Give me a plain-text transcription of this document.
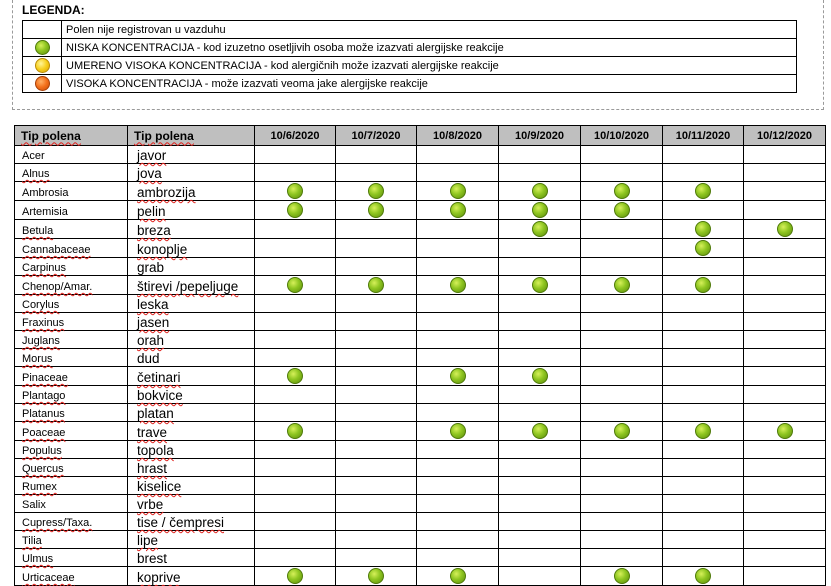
LEGENDA:
	Polen nije registrovan u vazduhu
	NISKA KONCENTRACIJA - kod izuzetno osetljivih osoba može izazvati alergijske reakcije
	UMERENO VISOKA KONCENTRACIJA - kod alergičnih može izazvati alergijske reakcije
	VISOKA KONCENTRACIJA - može izazvati veoma jake alergijske reakcije
Tip polena	Tip polena	10/6/2020	10/7/2020	10/8/2020	10/9/2020	10/10/2020	10/11/2020	10/12/2020
Acer	javor							
Alnus	jova							
Ambrosia	ambrozija							
Artemisia	pelin							
Betula	breza							
Cannabaceae	konoplje							
Carpinus	grab							
Chenop/Amar.	štirevi /pepeljuge							
Corylus	leska							
Fraxinus	jasen							
Juglans	orah							
Morus	dud							
Pinaceae	četinari							
Plantago	bokvice							
Platanus	platan							
Poaceae	trave							
Populus	topola							
Quercus	hrast							
Rumex	kiselice							
Salix	vrbe							
Cupress/Taxa.	tise / čempresi							
Tilia	lipe							
Ulmus	brest							
Urticaceae	koprive							
